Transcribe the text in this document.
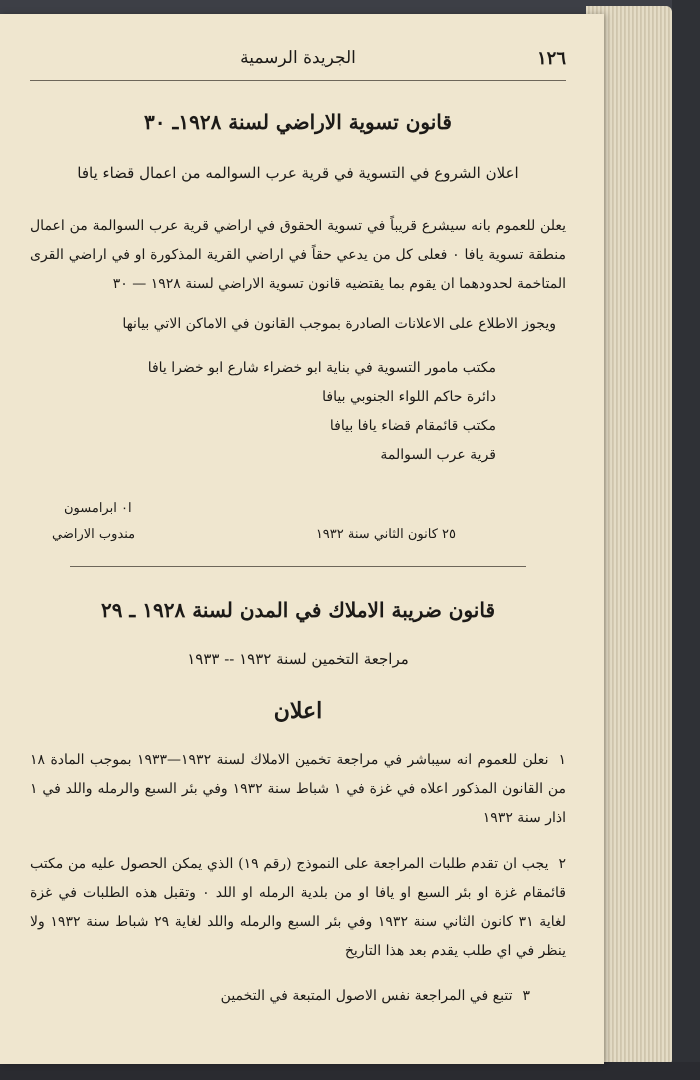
١٢٦
الجريدة الرسمية
قانون تسوية الاراضي لسنة ١٩٢٨ـ ٣٠
اعلان الشروع في التسوية في قرية عرب السوالمه من اعمال قضاء يافا
يعلن للعموم بانه سيشرع قريباً في تسوية الحقوق في اراضي قرية عرب السوالمة من اعمال منطقة تسوية يافا ٠ فعلى كل من يدعي حقاً في اراضي القرية المذكورة او في اراضي القرى المتاخمة لحدودهما ان يقوم بما يقتضيه قانون تسوية الاراضي لسنة ١٩٢٨ — ٣٠
ويجوز الاطلاع على الاعلانات الصادرة بموجب القانون في الاماكن الاتي بيانها
مكتب مامور التسوية في بناية ابو خضراء شارع ابو خضرا يافا
دائرة حاكم اللواء الجنوبي بيافا
مكتب قائمقام قضاء يافا بيافا
قرية عرب السوالمة
ا٠ ابرامسون
مندوب الاراضي	٢٥ كانون الثاني سنة ١٩٣٢
قانون ضريبة الاملاك في المدن لسنة ١٩٢٨ ـ ٢٩
مراجعة التخمين لسنة ١٩٣٢ -- ١٩٣٣
اعلان
١نعلن للعموم انه سيباشر في مراجعة تخمين الاملاك لسنة ١٩٣٢—١٩٣٣ بموجب المادة ١٨ من القانون المذكور اعلاه في غزة في ١ شباط سنة ١٩٣٢ وفي بئر السبع والرمله واللد في ١ اذار سنة ١٩٣٢
٢يجب ان تقدم طلبات المراجعة على النموذج (رقم ١٩) الذي يمكن الحصول عليه من مكتب قائمقام غزة او بئر السبع او يافا او من بلدية الرمله او اللد ٠ وتقبل هذه الطلبات في غزة لغاية ٣١ كانون الثاني سنة ١٩٣٢ وفي بئر السبع والرمله واللد لغاية ٢٩ شباط سنة ١٩٣٢ ولا ينظر في اي طلب يقدم بعد هذا التاريخ
٣تتبع في المراجعة نفس الاصول المتبعة في التخمين
